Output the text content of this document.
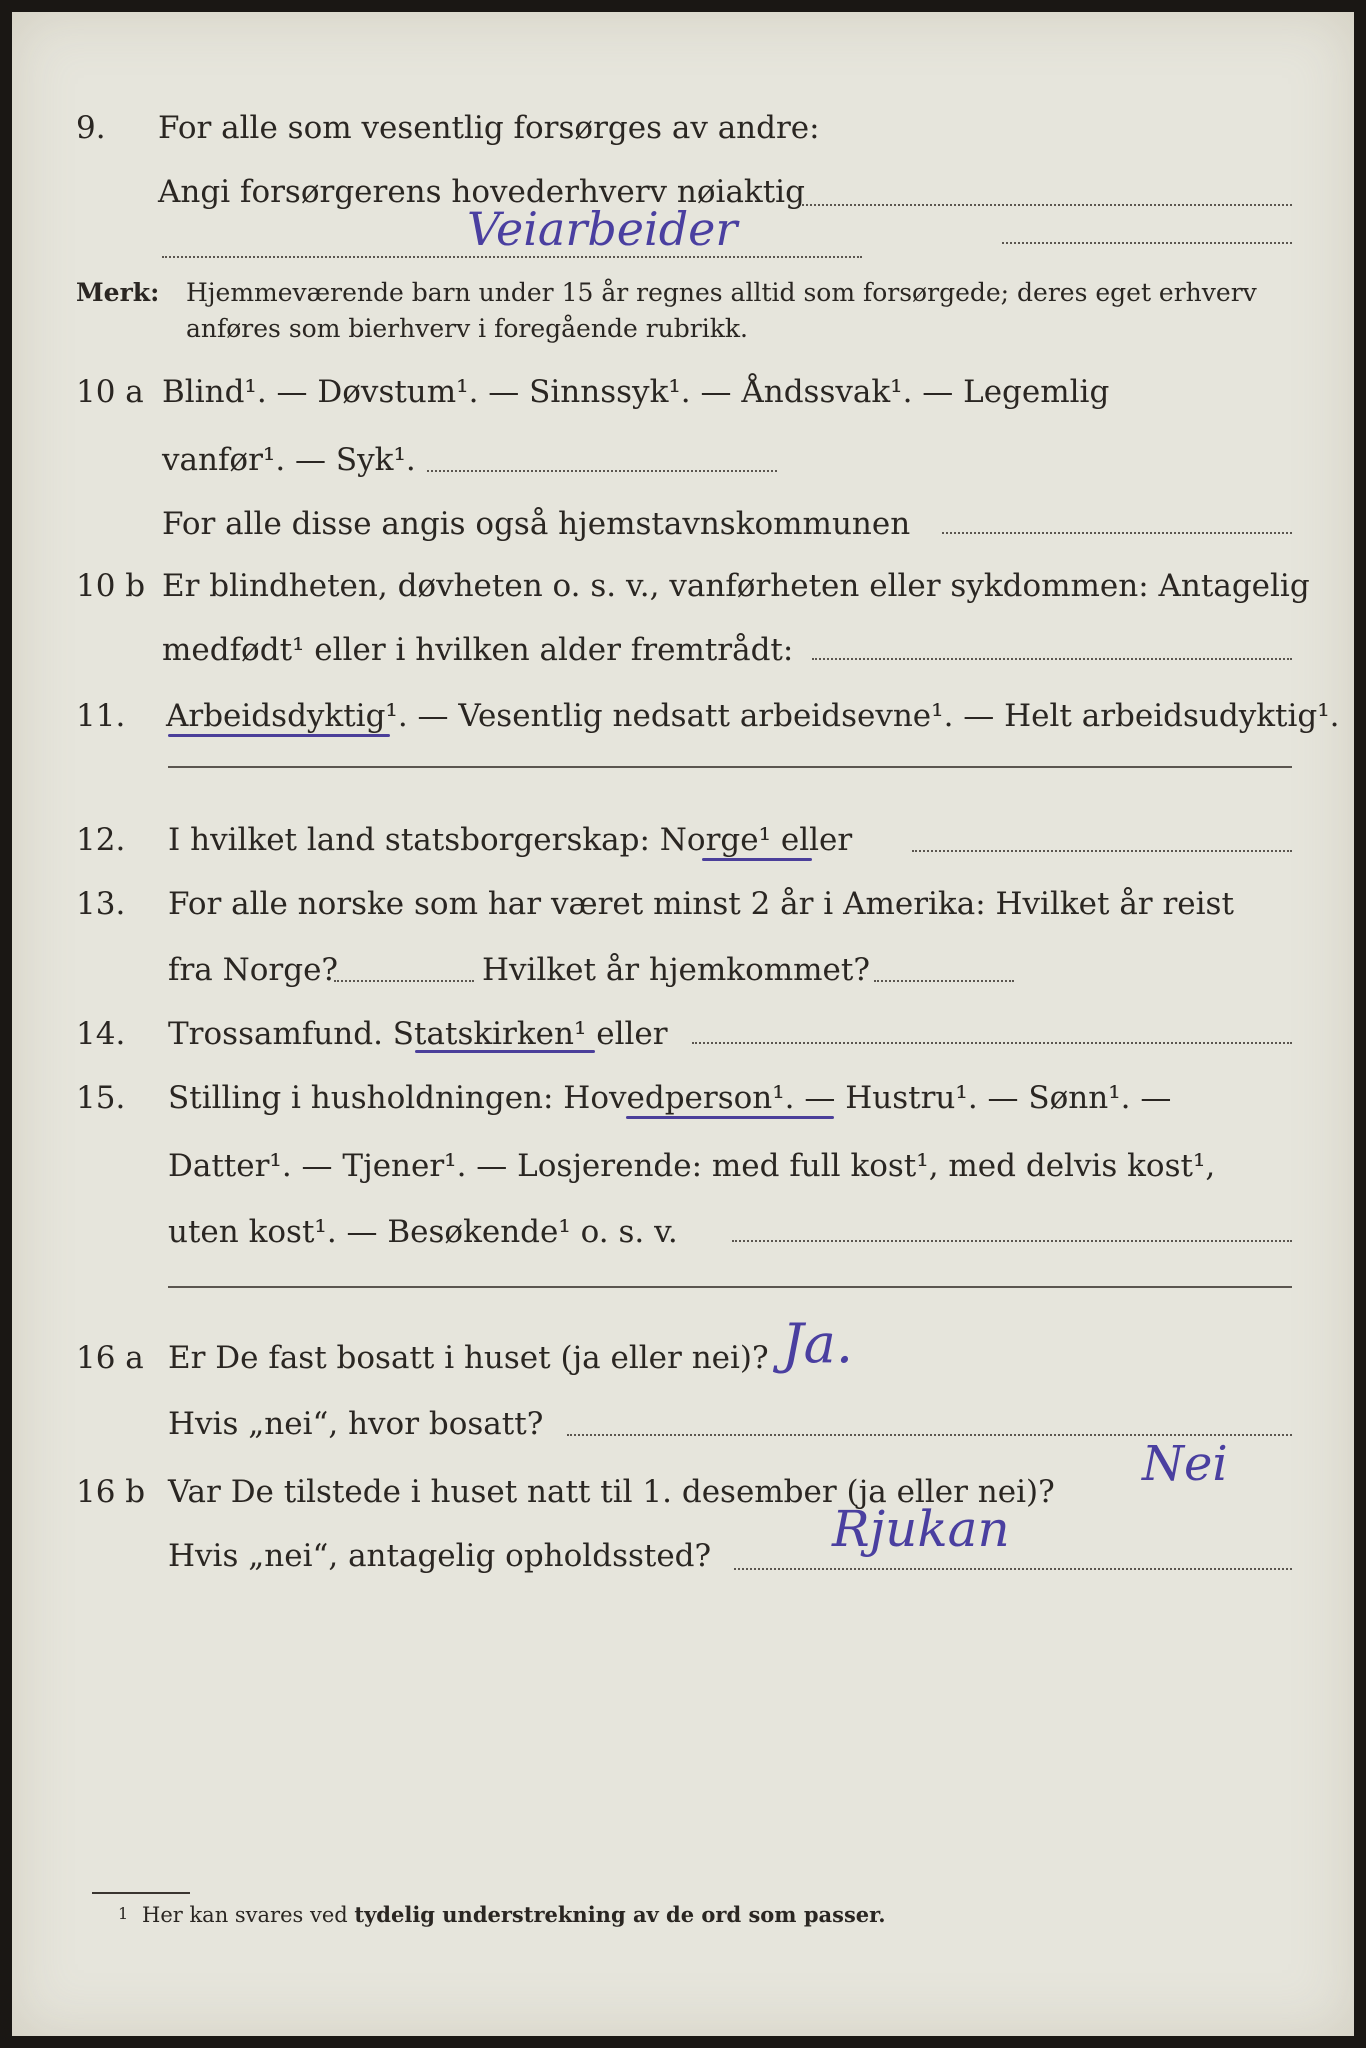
9. For alle som vesentlig forsørges av andre:
Angi forsørgerens hovederhverv nøiaktig
Veiarbeider
Merk: Hjemmeværende barn under 15 år regnes alltid som forsørgede; deres eget erhverv
anføres som bierhverv i foregående rubrikk.
10 a Blind¹. — Døvstum¹. — Sinnssyk¹. — Åndssvak¹. — Legemlig
vanfør¹. — Syk¹.
For alle disse angis også hjemstavnskommunen
10 b Er blindheten, døvheten o. s. v., vanførheten eller sykdommen: Antagelig
medfødt¹ eller i hvilken alder fremtrådt:
11. Arbeidsdyktig¹. — Vesentlig nedsatt arbeidsevne¹. — Helt arbeidsudyktig¹.
12. I hvilket land statsborgerskap: Norge¹ eller
13. For alle norske som har været minst 2 år i Amerika: Hvilket år reist
fra Norge?	Hvilket år hjemkommet?
14. Trossamfund. Statskirken¹ eller
15. Stilling i husholdningen: Hovedperson¹. — Hustru¹. — Sønn¹. —
Datter¹. — Tjener¹. — Losjerende: med full kost¹, med delvis kost¹,
uten kost¹. — Besøkende¹ o. s. v.
16 a Er De fast bosatt i huset (ja eller nei)? Ja.
Hvis „nei“, hvor bosatt?
16 b Var De tilstede i huset natt til 1. desember (ja eller nei)? Nei
Hvis „nei“, antagelig opholdssted? Rjukan
1 Her kan svares ved tydelig understrekning av de ord som passer.
